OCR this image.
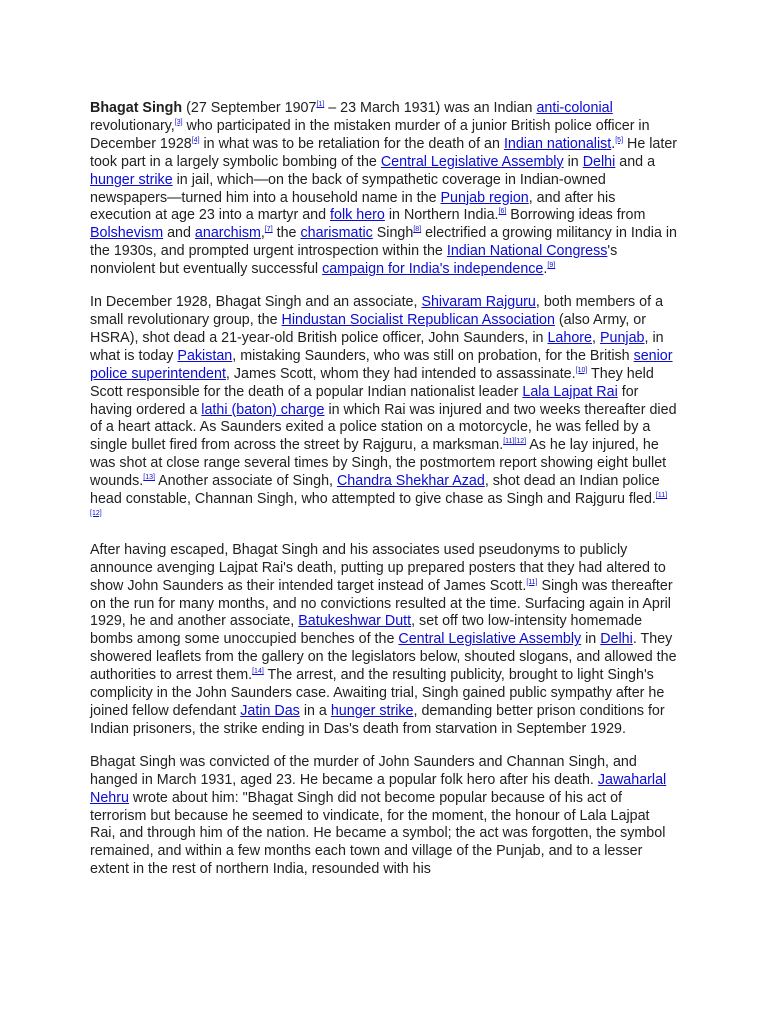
Bhagat Singh (27 September 1907[1] – 23 March 1931) was an Indian anti-colonial revolutionary,[3] who participated in the mistaken murder of a junior British police officer in December 1928[4] in what was to be retaliation for the death of an Indian nationalist.[5] He later took part in a largely symbolic bombing of the Central Legislative Assembly in Delhi and a hunger strike in jail, which—on the back of sympathetic coverage in Indian-owned newspapers—turned him into a household name in the Punjab region, and after his execution at age 23 into a martyr and folk hero in Northern India.[6] Borrowing ideas from Bolshevism and anarchism,[7] the charismatic Singh[8] electrified a growing militancy in India in the 1930s, and prompted urgent introspection within the Indian National Congress's nonviolent but eventually successful campaign for India's independence.[9]

In December 1928, Bhagat Singh and an associate, Shivaram Rajguru, both members of a small revolutionary group, the Hindustan Socialist Republican Association (also Army, or HSRA), shot dead a 21-year-old British police officer, John Saunders, in Lahore, Punjab, in what is today Pakistan, mistaking Saunders, who was still on probation, for the British senior police superintendent, James Scott, whom they had intended to assassinate.[10] They held Scott responsible for the death of a popular Indian nationalist leader Lala Lajpat Rai for having ordered a lathi (baton) charge in which Rai was injured and two weeks thereafter died of a heart attack. As Saunders exited a police station on a motorcycle, he was felled by a single bullet fired from across the street by Rajguru, a marksman.[11][12] As he lay injured, he was shot at close range several times by Singh, the postmortem report showing eight bullet wounds.[13] Another associate of Singh, Chandra Shekhar Azad, shot dead an Indian police head constable, Channan Singh, who attempted to give chase as Singh and Rajguru fled.[11][12]

After having escaped, Bhagat Singh and his associates used pseudonyms to publicly announce avenging Lajpat Rai's death, putting up prepared posters that they had altered to show John Saunders as their intended target instead of James Scott.[11] Singh was thereafter on the run for many months, and no convictions resulted at the time. Surfacing again in April 1929, he and another associate, Batukeshwar Dutt, set off two low-intensity homemade bombs among some unoccupied benches of the Central Legislative Assembly in Delhi. They showered leaflets from the gallery on the legislators below, shouted slogans, and allowed the authorities to arrest them.[14] The arrest, and the resulting publicity, brought to light Singh's complicity in the John Saunders case. Awaiting trial, Singh gained public sympathy after he joined fellow defendant Jatin Das in a hunger strike, demanding better prison conditions for Indian prisoners, the strike ending in Das's death from starvation in September 1929.

Bhagat Singh was convicted of the murder of John Saunders and Channan Singh, and hanged in March 1931, aged 23. He became a popular folk hero after his death. Jawaharlal Nehru wrote about him: "Bhagat Singh did not become popular because of his act of terrorism but because he seemed to vindicate, for the moment, the honour of Lala Lajpat Rai, and through him of the nation. He became a symbol; the act was forgotten, the symbol remained, and within a few months each town and village of the Punjab, and to a lesser extent in the rest of northern India, resounded with his
